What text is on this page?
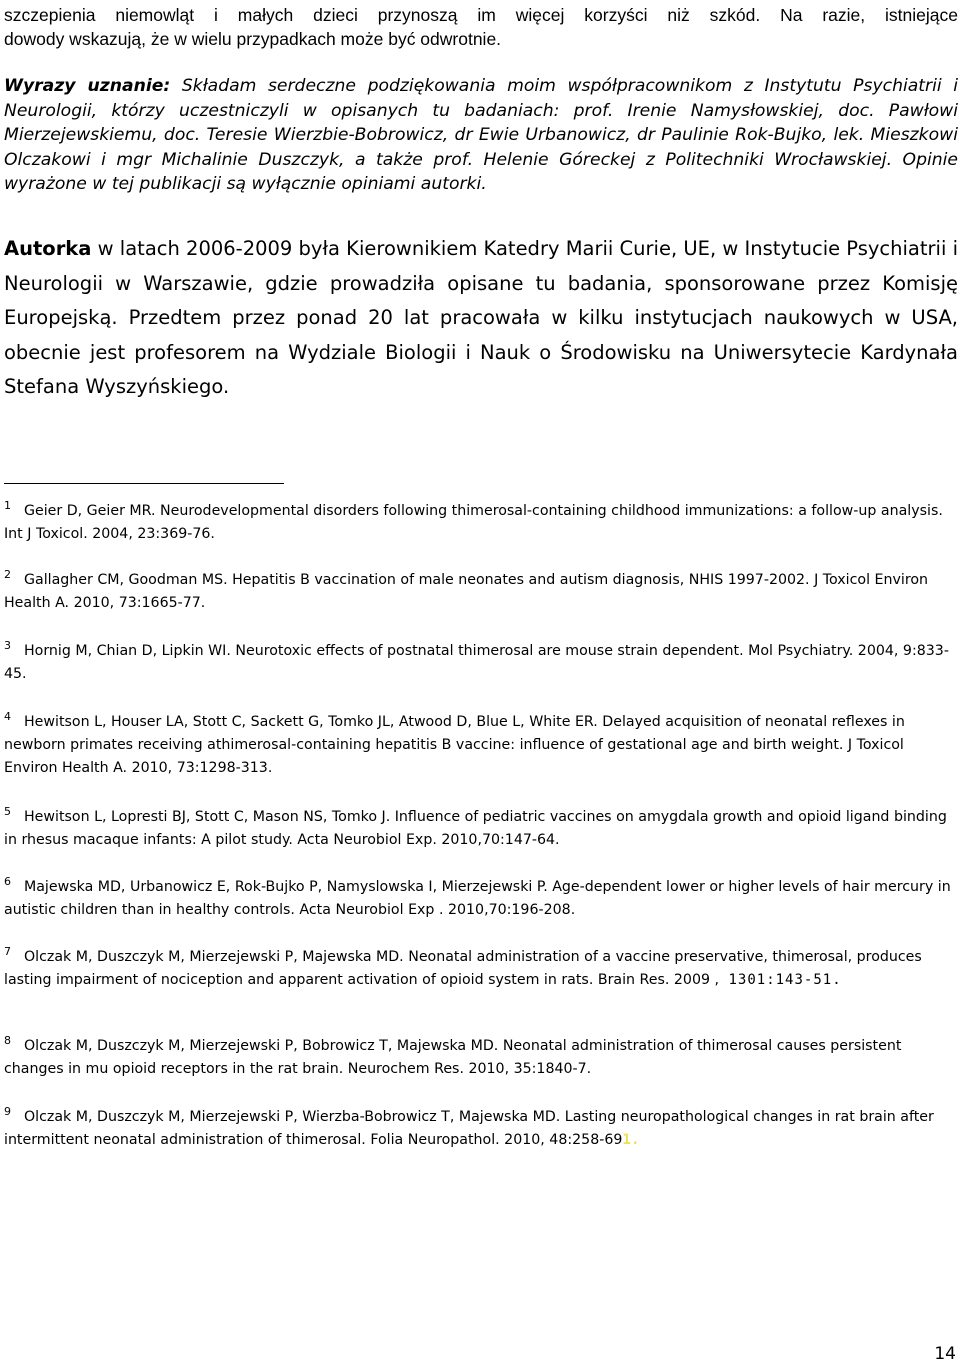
szczepienia niemowląt i małych dzieci przynoszą im więcej korzyści niż szkód. Na razie, istniejące

dowody wskazują, że w wielu przypadkach może być odwrotnie.

Wyrazy uznanie: Składam serdeczne podziękowania moim współpracownikom z Instytutu Psychiatrii i Neurologii, którzy uczestniczyli w opisanych tu badaniach: prof. Irenie Namysłowskiej, doc. Pawłowi Mierzejewskiemu, doc. Teresie Wierzbie-Bobrowicz, dr Ewie Urbanowicz, dr Paulinie Rok-Bujko, lek. Mieszkowi Olczakowi i mgr Michalinie Duszczyk, a także prof. Helenie Góreckej z Politechniki Wrocławskiej. Opinie wyrażone w tej publikacji są wyłącznie opiniami autorki.

Autorka w latach 2006-2009 była Kierownikiem Katedry Marii Curie, UE, w Instytucie Psychiatrii i Neurologii w Warszawie, gdzie prowadziła opisane tu badania, sponsorowane przez Komisję Europejską. Przedtem przez ponad 20 lat pracowała w kilku instytucjach naukowych w USA, obecnie jest profesorem na Wydziale Biologii i Nauk o Środowisku na Uniwersytecie Kardynała Stefana Wyszyńskiego.

$^1$ Geier D, Geier MR. Neurodevelopmental disorders following thimerosal-containing childhood immunizations: a follow-up analysis. Int J Toxicol. 2004, 23:369-76.

$^2$ Gallagher CM, Goodman MS. Hepatitis B vaccination of male neonates and autism diagnosis, NHIS 1997-2002. J Toxicol Environ Health A. 2010, 73:1665-77.

$^3$ Hornig M, Chian D, Lipkin WI. Neurotoxic effects of postnatal thimerosal are mouse strain dependent. Mol Psychiatry. 2004, 9:833-45.

$^4$ Hewitson L, Houser LA, Stott C, Sackett G, Tomko JL, Atwood D, Blue L, White ER. Delayed acquisition of neonatal reflexes in newborn primates receiving athimerosal-containing hepatitis B vaccine: influence of gestational age and birth weight. J Toxicol Environ Health A. 2010, 73:1298-313.

$^5$ Hewitson L, Lopresti BJ, Stott C, Mason NS, Tomko J. Influence of pediatric vaccines on amygdala growth and opioid ligand binding in rhesus macaque infants: A pilot study. Acta Neurobiol Exp. 2010,70:147-64.

$^6$ Majewska MD, Urbanowicz E, Rok-Bujko P, Namyslowska I, Mierzejewski P. Age-dependent lower or higher levels of hair mercury in autistic children than in healthy controls. Acta Neurobiol Exp . 2010,70:196-208.

$^7$ Olczak M, Duszczyk M, Mierzejewski P, Majewska MD. Neonatal administration of a vaccine preservative, thimerosal, produces lasting impairment of nociception and apparent activation of opioid system in rats. Brain Res. 2009 , 1301:143-51.

$^8$ Olczak M, Duszczyk M, Mierzejewski P, Bobrowicz T, Majewska MD. Neonatal administration of thimerosal causes persistent changes in mu opioid receptors in the rat brain. Neurochem Res. 2010, 35:1840-7.

$^9$ Olczak M, Duszczyk M, Mierzejewski P, Wierzba-Bobrowicz T, Majewska MD. Lasting neuropathological changes in rat brain after intermittent neonatal administration of thimerosal. Folia Neuropathol. 2010, 48:258-691.

14
